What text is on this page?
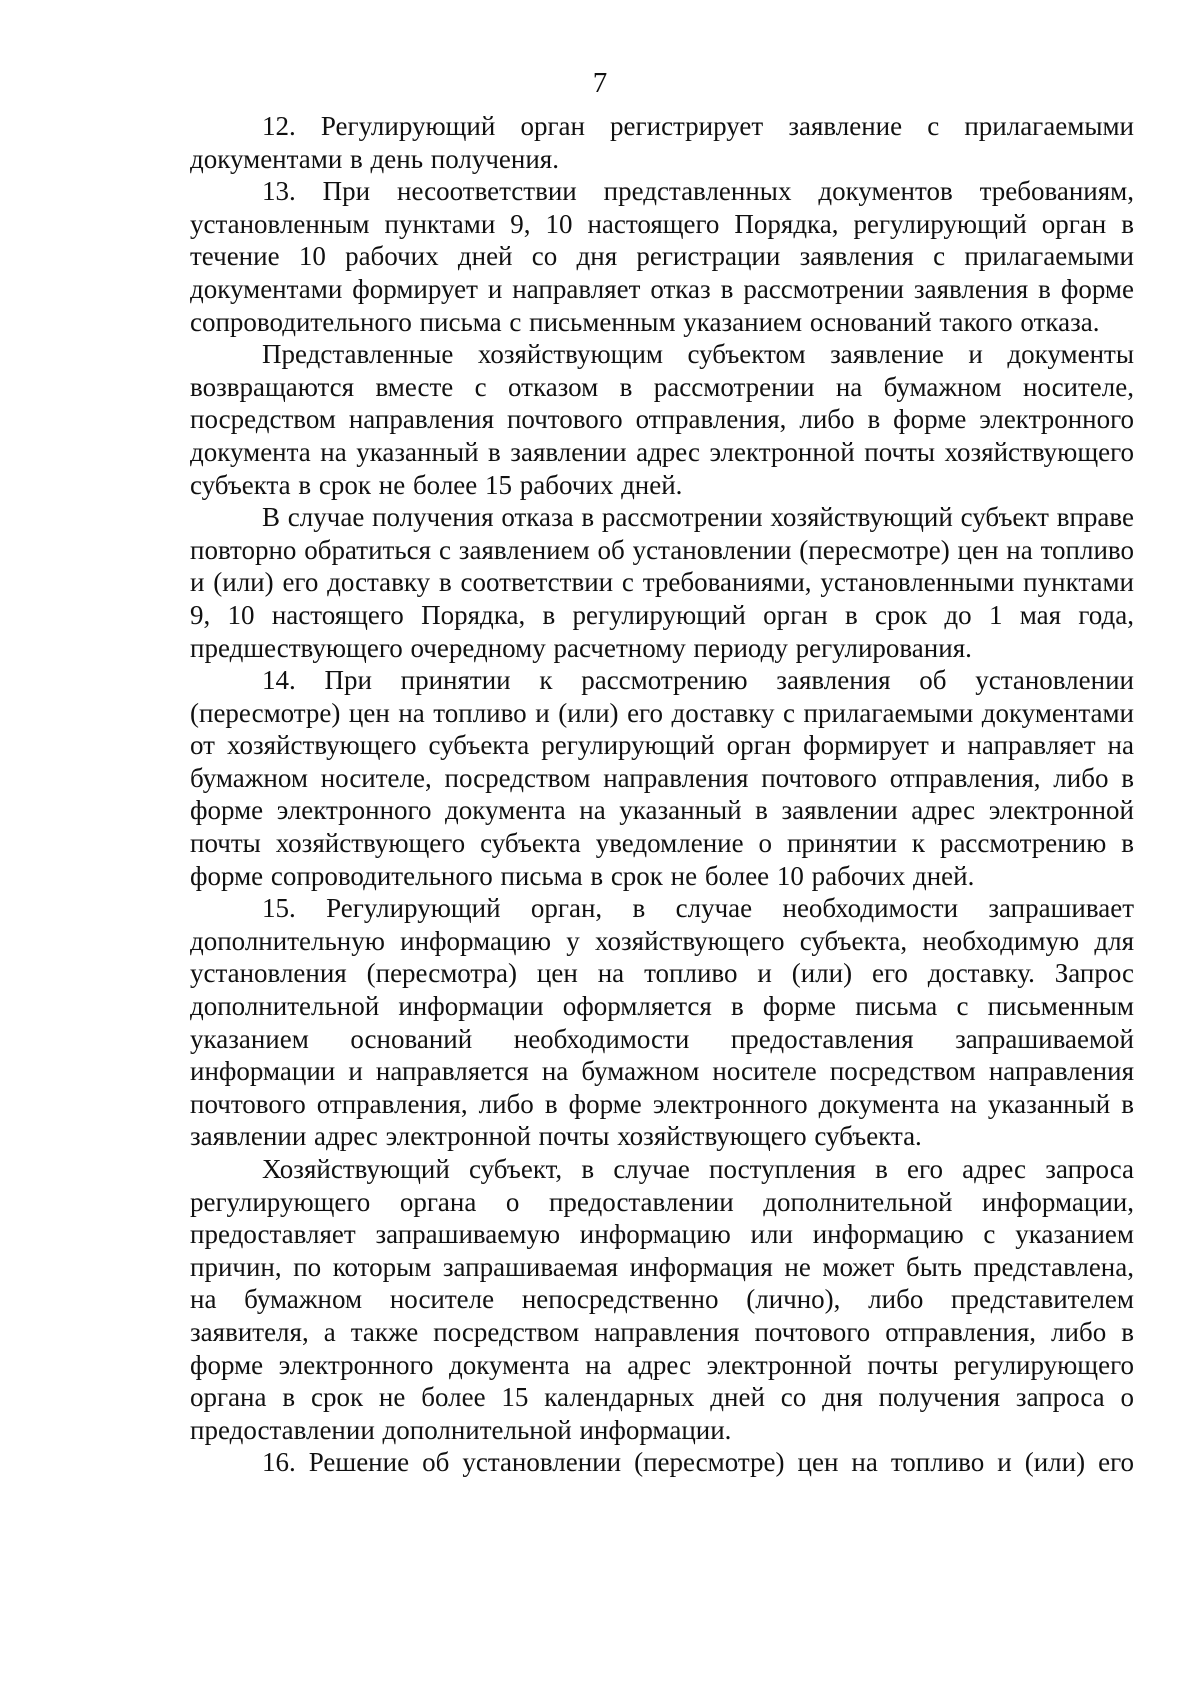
7

12. Регулирующий орган регистрирует заявление с прилагаемыми документами в день получения.

13. При несоответствии представленных документов требованиям, установленным пунктами 9, 10 настоящего Порядка, регулирующий орган в течение 10 рабочих дней со дня регистрации заявления с прилагаемыми документами формирует и направляет отказ в рассмотрении заявления в форме сопроводительного письма с письменным указанием оснований такого отказа.

Представленные хозяйствующим субъектом заявление и документы возвращаются вместе с отказом в рассмотрении на бумажном носителе, посредством направления почтового отправления, либо в форме электронного документа на указанный в заявлении адрес электронной почты хозяйствующего субъекта в срок не более 15 рабочих дней.

В случае получения отказа в рассмотрении хозяйствующий субъект вправе повторно обратиться с заявлением об установлении (пересмотре) цен на топливо и (или) его доставку в соответствии с требованиями, установленными пунктами 9, 10 настоящего Порядка, в регулирующий орган в срок до 1 мая года, предшествующего очередному расчетному периоду регулирования.

14. При принятии к рассмотрению заявления об установлении (пересмотре) цен на топливо и (или) его доставку с прилагаемыми документами от хозяйствующего субъекта регулирующий орган формирует и направляет на бумажном носителе, посредством направления почтового отправления, либо в форме электронного документа на указанный в заявлении адрес электронной почты хозяйствующего субъекта уведомление о принятии к рассмотрению в форме сопроводительного письма в срок не более 10 рабочих дней.

15. Регулирующий орган, в случае необходимости запрашивает дополнительную информацию у хозяйствующего субъекта, необходимую для установления (пересмотра) цен на топливо и (или) его доставку. Запрос дополнительной информации оформляется в форме письма с письменным указанием оснований необходимости предоставления запрашиваемой информации и направляется на бумажном носителе посредством направления почтового отправления, либо в форме электронного документа на указанный в заявлении адрес электронной почты хозяйствующего субъекта.

Хозяйствующий субъект, в случае поступления в его адрес запроса регулирующего органа о предоставлении дополнительной информации, предоставляет запрашиваемую информацию или информацию с указанием причин, по которым запрашиваемая информация не может быть представлена, на бумажном носителе непосредственно (лично), либо представителем заявителя, а также посредством направления почтового отправления, либо в форме электронного документа на адрес электронной почты регулирующего органа в срок не более 15 календарных дней со дня получения запроса о предоставлении дополнительной информации.

16. Решение об установлении (пересмотре) цен на топливо и (или) его
